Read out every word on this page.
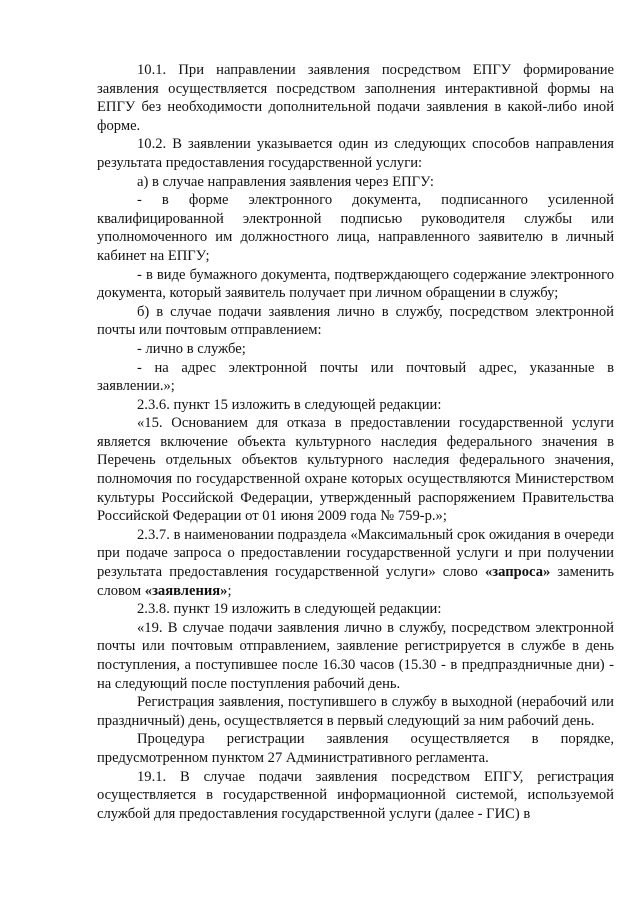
10.1. При направлении заявления посредством ЕПГУ формирование заявления осуществляется посредством заполнения интерактивной формы на ЕПГУ без необходимости дополнительной подачи заявления в какой-либо иной форме.

10.2. В заявлении указывается один из следующих способов направления результата предоставления государственной услуги:

а) в случае направления заявления через ЕПГУ:

- в форме электронного документа, подписанного усиленной квалифицированной электронной подписью руководителя службы или уполномоченного им должностного лица, направленного заявителю в личный кабинет на ЕПГУ;

- в виде бумажного документа, подтверждающего содержание электронного документа, который заявитель получает при личном обращении в службу;

б) в случае подачи заявления лично в службу, посредством электронной почты или почтовым отправлением:

- лично в службе;

- на адрес электронной почты или почтовый адрес, указанные в заявлении.»;

2.3.6. пункт 15 изложить в следующей редакции:

«15. Основанием для отказа в предоставлении государственной услуги является включение объекта культурного наследия федерального значения в Перечень отдельных объектов культурного наследия федерального значения, полномочия по государственной охране которых осуществляются Министерством культуры Российской Федерации, утвержденный распоряжением Правительства Российской Федерации от 01 июня 2009 года № 759-р.»;

2.3.7. в наименовании подраздела «Максимальный срок ожидания в очереди при подаче запроса о предоставлении государственной услуги и при получении результата предоставления государственной услуги» слово «запроса» заменить словом «заявления»;

2.3.8. пункт 19 изложить в следующей редакции:

«19. В случае подачи заявления лично в службу, посредством электронной почты или почтовым отправлением, заявление регистрируется в службе в день поступления, а поступившее после 16.30 часов (15.30 - в предпраздничные дни) - на следующий после поступления рабочий день.

Регистрация заявления, поступившего в службу в выходной (нерабочий или праздничный) день, осуществляется в первый следующий за ним рабочий день.

Процедура регистрации заявления осуществляется в порядке, предусмотренном пунктом 27 Административного регламента.

19.1. В случае подачи заявления посредством ЕПГУ, регистрация осуществляется в государственной информационной системой, используемой службой для предоставления государственной услуги (далее - ГИС) в
